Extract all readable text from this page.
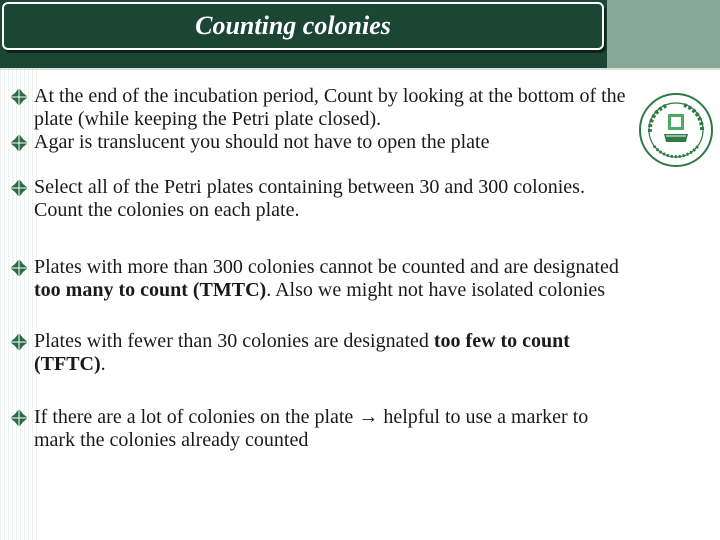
Counting colonies
At the end of the incubation period, Count by looking at the bottom of the plate (while keeping the Petri plate closed).
Agar is translucent you should not have to open the plate
Select all of the Petri plates containing between 30 and 300 colonies. Count the colonies on each plate.
Plates with more than 300 colonies cannot be counted and are designated too many to count (TMTC). Also we might not have isolated colonies
Plates with fewer than 30 colonies are designated too few to count (TFTC).
If there are a lot of colonies on the plate → helpful to use a marker to mark the colonies already counted
